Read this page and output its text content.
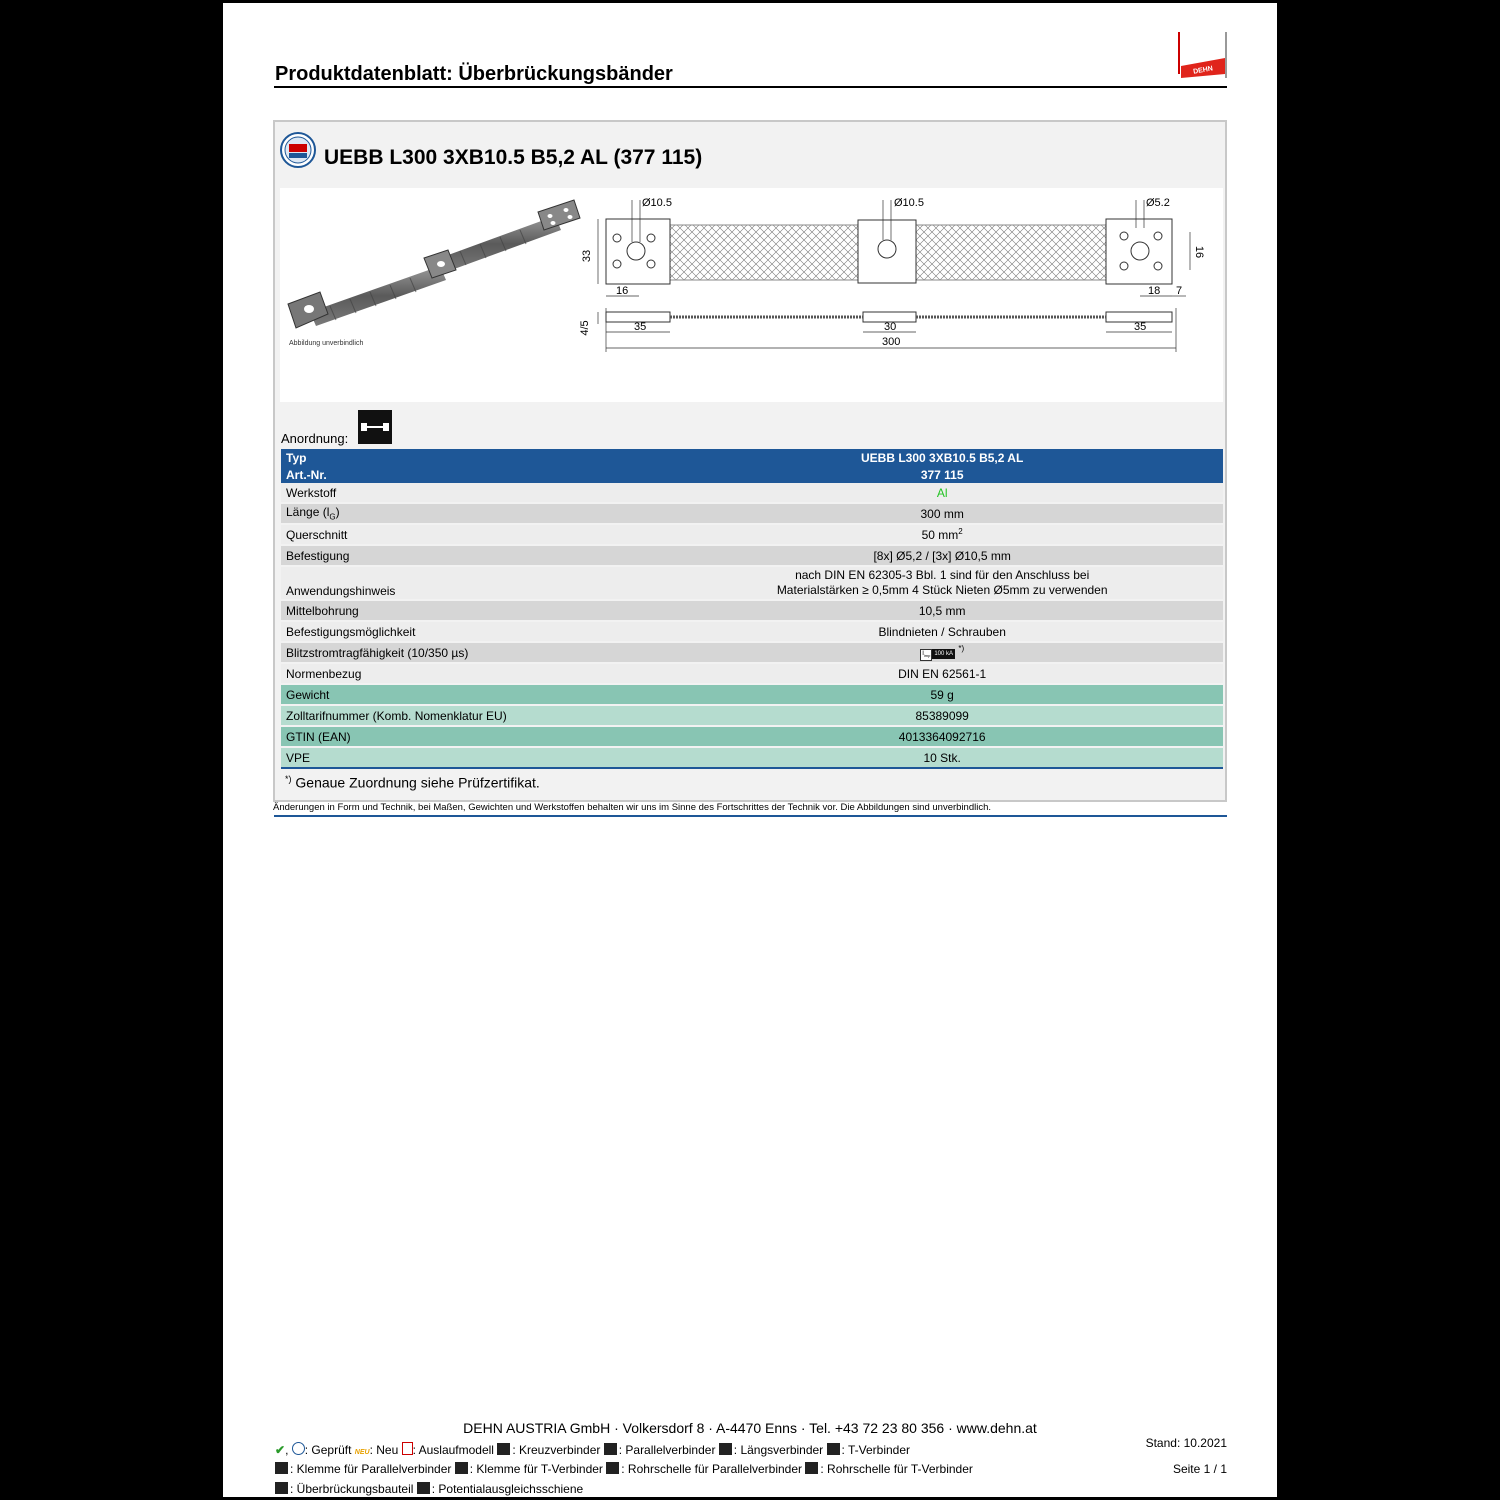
Produktdatenblatt: Überbrückungsbänder	DEHN
UEBB L300 3XB10.5 B5,2 AL (377 115)
Abbildung unverbindlich
Ø10.5	Ø10.5	Ø5.2
33	16
16	18 7
35	30	35
300
4/5
Anordnung:
Typ	UEBB L300 3XB10.5 B5,2 AL
Art.-Nr.	377 115
Werkstoff	Al
Länge $(l_G)$	300 mm
Querschnitt	50 $mm^2$
Befestigung	[8x] Ø5,2 / [3x] Ø10,5 mm
Anwendungshinweis	nach DIN EN 62305-3 Bbl. 1 sind für den Anschluss bei
Materialstärken ≥ 0,5mm 4 Stück Nieten Ø5mm zu verwenden

Mittelbohrung	10,5 mm
Befestigungsmöglichkeit	Blindnieten / Schrauben
Blitzstromtragfähigkeit (10/350 µs)	$I_{imp}$ 100 kA *)
Normenbezug	DIN EN 62561-1
Gewicht	59 g
Zolltarifnummer (Komb. Nomenklatur EU)	85389099
GTIN (EAN)	4013364092716
VPE	10 Stk.
*) Genaue Zuordnung siehe Prüfzertifikat.
Änderungen in Form und Technik, bei Maßen, Gewichten und Werkstoffen behalten wir uns im Sinne des Fortschrittes der Technik vor. Die Abbildungen sind unverbindlich.
DEHN AUSTRIA GmbH · Volkersdorf 8 · A-4470 Enns · Tel. +43 72 23 80 356 · www.dehn.at
✔, : Geprüft NEU: Neu : Auslaufmodell : Kreuzverbinder : Parallelverbinder : Längsverbinder : T-Verbinder
: Klemme für Parallelverbinder : Klemme für T-Verbinder : Rohrschelle für Parallelverbinder : Rohrschelle für T-Verbinder
: Überbrückungsbauteil : Potentialausgleichsschiene
Stand: 10.2021
Seite 1 / 1
